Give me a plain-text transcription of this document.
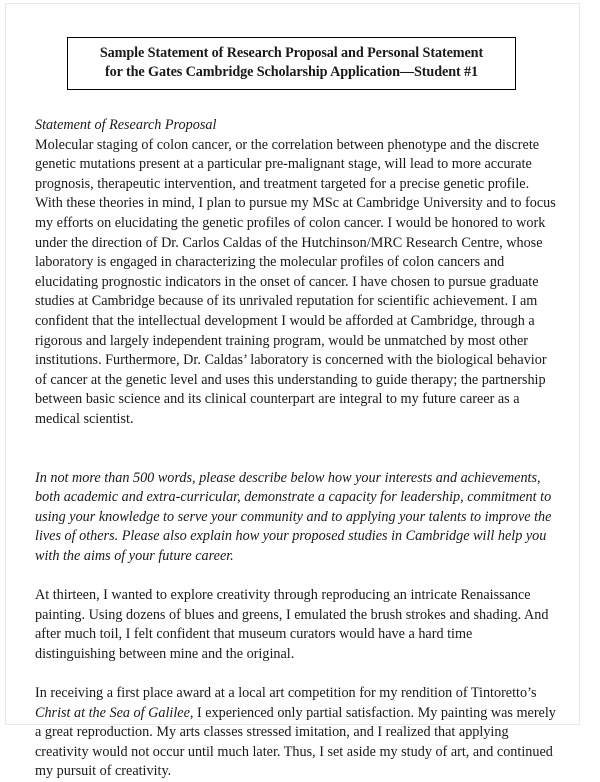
Sample Statement of Research Proposal and Personal Statement
for the Gates Cambridge Scholarship Application—Student #1
Statement of Research Proposal

Molecular staging of colon cancer, or the correlation between phenotype and the discrete genetic mutations present at a particular pre-malignant stage, will lead to more accurate prognosis, therapeutic intervention, and treatment targeted for a precise genetic profile. With these theories in mind, I plan to pursue my MSc at Cambridge University and to focus my efforts on elucidating the genetic profiles of colon cancer. I would be honored to work under the direction of Dr. Carlos Caldas of the Hutchinson/MRC Research Centre, whose laboratory is engaged in characterizing the molecular profiles of colon cancers and elucidating prognostic indicators in the onset of cancer. I have chosen to pursue graduate studies at Cambridge because of its unrivaled reputation for scientific achievement. I am confident that the intellectual development I would be afforded at Cambridge, through a rigorous and largely independent training program, would be unmatched by most other institutions. Furthermore, Dr. Caldas’ laboratory is concerned with the biological behavior of cancer at the genetic level and uses this understanding to guide therapy; the partnership between basic science and its clinical counterpart are integral to my future career as a medical scientist.

In not more than 500 words, please describe below how your interests and achievements, both academic and extra-curricular, demonstrate a capacity for leadership, commitment to using your knowledge to serve your community and to applying your talents to improve the lives of others. Please also explain how your proposed studies in Cambridge will help you with the aims of your future career.

At thirteen, I wanted to explore creativity through reproducing an intricate Renaissance painting. Using dozens of blues and greens, I emulated the brush strokes and shading. And after much toil, I felt confident that museum curators would have a hard time distinguishing between mine and the original.

In receiving a first place award at a local art competition for my rendition of Tintoretto’s Christ at the Sea of Galilee, I experienced only partial satisfaction. My painting was merely a great reproduction. My arts classes stressed imitation, and I realized that applying creativity would not occur until much later. Thus, I set aside my study of art, and continued my pursuit of creativity.
